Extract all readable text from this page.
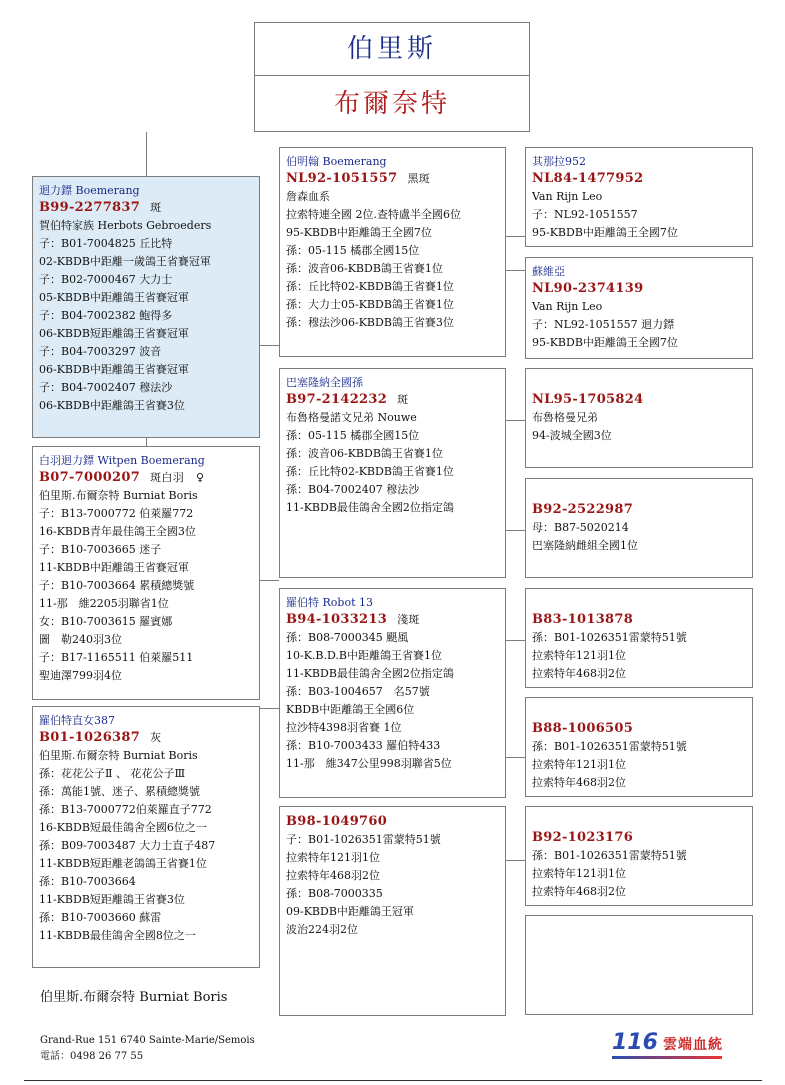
伯里斯
布爾奈特
迴力鏢 Boemerang
B99-2277837 斑
賀伯特家族 Herbots Gebroeders
子：B01-7004825 丘比特
02-KBDB中距離一歲鴿王省賽冠軍
子：B02-7000467 大力士
05-KBDB中距離鴿王省賽冠軍
子：B04-7002382 鮑得多
06-KBDB短距離鴿王省賽冠軍
子：B04-7003297 波音
06-KBDB中距離鴿王省賽冠軍
子：B04-7002407 穆法沙
06-KBDB中距離鴿王省賽3位
白羽迴力鏢 Witpen Boemerang
B07-7000207 斑白羽 ♀
伯里斯.布爾奈特 Burniat Boris
子：B13-7000772 伯萊羅772
16-KBDB青年最佳鴿王全國3位
子：B10-7003665 迷子
11-KBDB中距離鴿王省賽冠軍
子：B10-7003664 累積總獎號
11-那　維2205羽聯省1位
女：B10-7003615 羅賓娜
圖　勒240羽3位
子：B17-1165511 伯萊羅511
聖迪澤799羽4位
羅伯特直女387
B01-1026387 灰
伯里斯.布爾奈特 Burniat Boris
孫：花花公子Ⅱ 、 花花公子Ⅲ
孫：萬能1號、迷子、累積總獎號
孫：B13-7000772伯萊羅直子772
16-KBDB短最佳鴿舍全國6位之一
孫：B09-7003487 大力士直子487
11-KBDB短距離老鴿鴿王省賽1位
孫：B10-7003664
11-KBDB短距離鴿王省賽3位
孫：B10-7003660 蘇雷
11-KBDB最佳鴿舍全國8位之一
伯明翰 Boemerang
NL92-1051557 黑斑
詹森血系
拉索特連全國 2位.查特盧半全國6位
95-KBDB中距離鴿王全國7位
孫：05-115 橘郡全國15位
孫：波音06-KBDB鴿王省賽1位
孫：丘比特02-KBDB鴿王省賽1位
孫：大力士05-KBDB鴿王省賽1位
孫：穆法沙06-KBDB鴿王省賽3位
巴塞隆納全國孫
B97-2142232 斑
布魯格曼諾文兄弟 Nouwe
孫：05-115 橘郡全國15位
孫：波音06-KBDB鴿王省賽1位
孫：丘比特02-KBDB鴿王省賽1位
孫：B04-7002407 穆法沙
11-KBDB最佳鴿舍全國2位指定鴿
羅伯特 Robot 13
B94-1033213 淺斑
孫：B08-7000345 颶風
10-K.B.D.B中距離鴿王省賽1位
11-KBDB最佳鴿舍全國2位指定鴿
孫：B03-1004657　名57號
KBDB中距離鴿王全國6位
拉沙特4398羽省賽 1位
孫：B10-7003433 羅伯特433
11-那　維347公里998羽聯省5位
B98-1049760
子：B01-1026351雷蒙特51號
拉索特年121羽1位
拉索特年468羽2位
孫：B08-7000335
09-KBDB中距離鴿王冠軍
波治224羽2位
其那拉952
NL84-1477952
Van Rijn Leo
子：NL92-1051557
95-KBDB中距離鴿王全國7位
蘇維亞
NL90-2374139
Van Rijn Leo
子：NL92-1051557 迴力鏢
95-KBDB中距離鴿王全國7位
NL95-1705824
布魯格曼兄弟
94-波城全國3位
B92-2522987
母：B87-5020214
巴塞隆納雌組全國1位
B83-1013878
孫：B01-1026351雷蒙特51號
拉索特年121羽1位
拉索特年468羽2位
B88-1006505
孫：B01-1026351雷蒙特51號
拉索特年121羽1位
拉索特年468羽2位
B92-1023176
孫：B01-1026351雷蒙特51號
拉索特年121羽1位
拉索特年468羽2位
伯里斯.布爾奈特 Burniat Boris
Grand-Rue 151 6740 Sainte-Marie/Semois
電話：0498 26 77 55
116 雲端血統
